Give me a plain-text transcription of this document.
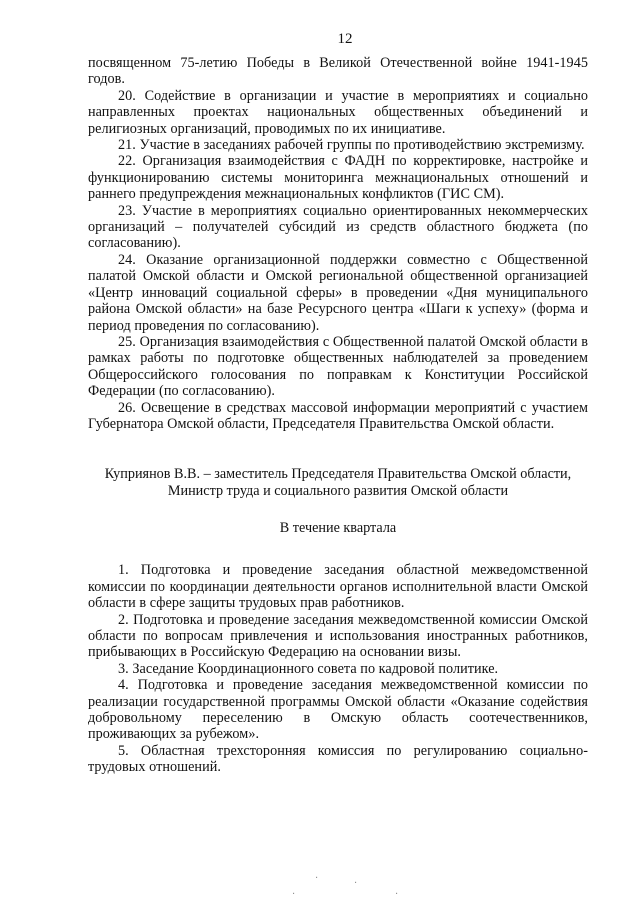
12

посвященном 75-летию Победы в Великой Отечественной войне 1941-1945 годов.

20. Содействие в организации и участие в мероприятиях и социально направленных проектах национальных общественных объединений и религиозных организаций, проводимых по их инициативе.

21. Участие в заседаниях рабочей группы по противодействию экстремизму.

22. Организация взаимодействия с ФАДН по корректировке, настройке и функционированию системы мониторинга межнациональных отношений и раннего предупреждения межнациональных конфликтов (ГИС СМ).

23. Участие в мероприятиях социально ориентированных некоммерческих организаций – получателей субсидий из средств областного бюджета (по согласованию).

24. Оказание организационной поддержки совместно с Общественной палатой Омской области и Омской региональной общественной организацией «Центр инноваций социальной сферы» в проведении «Дня муниципального района Омской области» на базе Ресурсного центра «Шаги к успеху» (форма и период проведения по согласованию).

25. Организация взаимодействия с Общественной палатой Омской области в рамках работы по подготовке общественных наблюдателей за проведением Общероссийского голосования по поправкам к Конституции Российской Федерации (по согласованию).

26. Освещение в средствах массовой информации мероприятий с участием Губернатора Омской области, Председателя Правительства Омской области.

Куприянов В.В. – заместитель Председателя Правительства Омской области,

Министр труда и социального развития Омской области

В течение квартала

1. Подготовка и проведение заседания областной межведомственной комиссии по координации деятельности органов исполнительной власти Омской области в сфере защиты трудовых прав работников.

2. Подготовка и проведение заседания межведомственной комиссии Омской области по вопросам привлечения и использования иностранных работников, прибывающих в Российскую Федерацию на основании визы.

3. Заседание Координационного совета по кадровой политике.

4. Подготовка и проведение заседания межведомственной комиссии по реализации государственной программы Омской области «Оказание содействия добровольному переселению в Омскую область соотечественников, проживающих за рубежом».

5. Областная трехсторонняя комиссия по регулированию социально-трудовых отношений.

·	·
·	·
